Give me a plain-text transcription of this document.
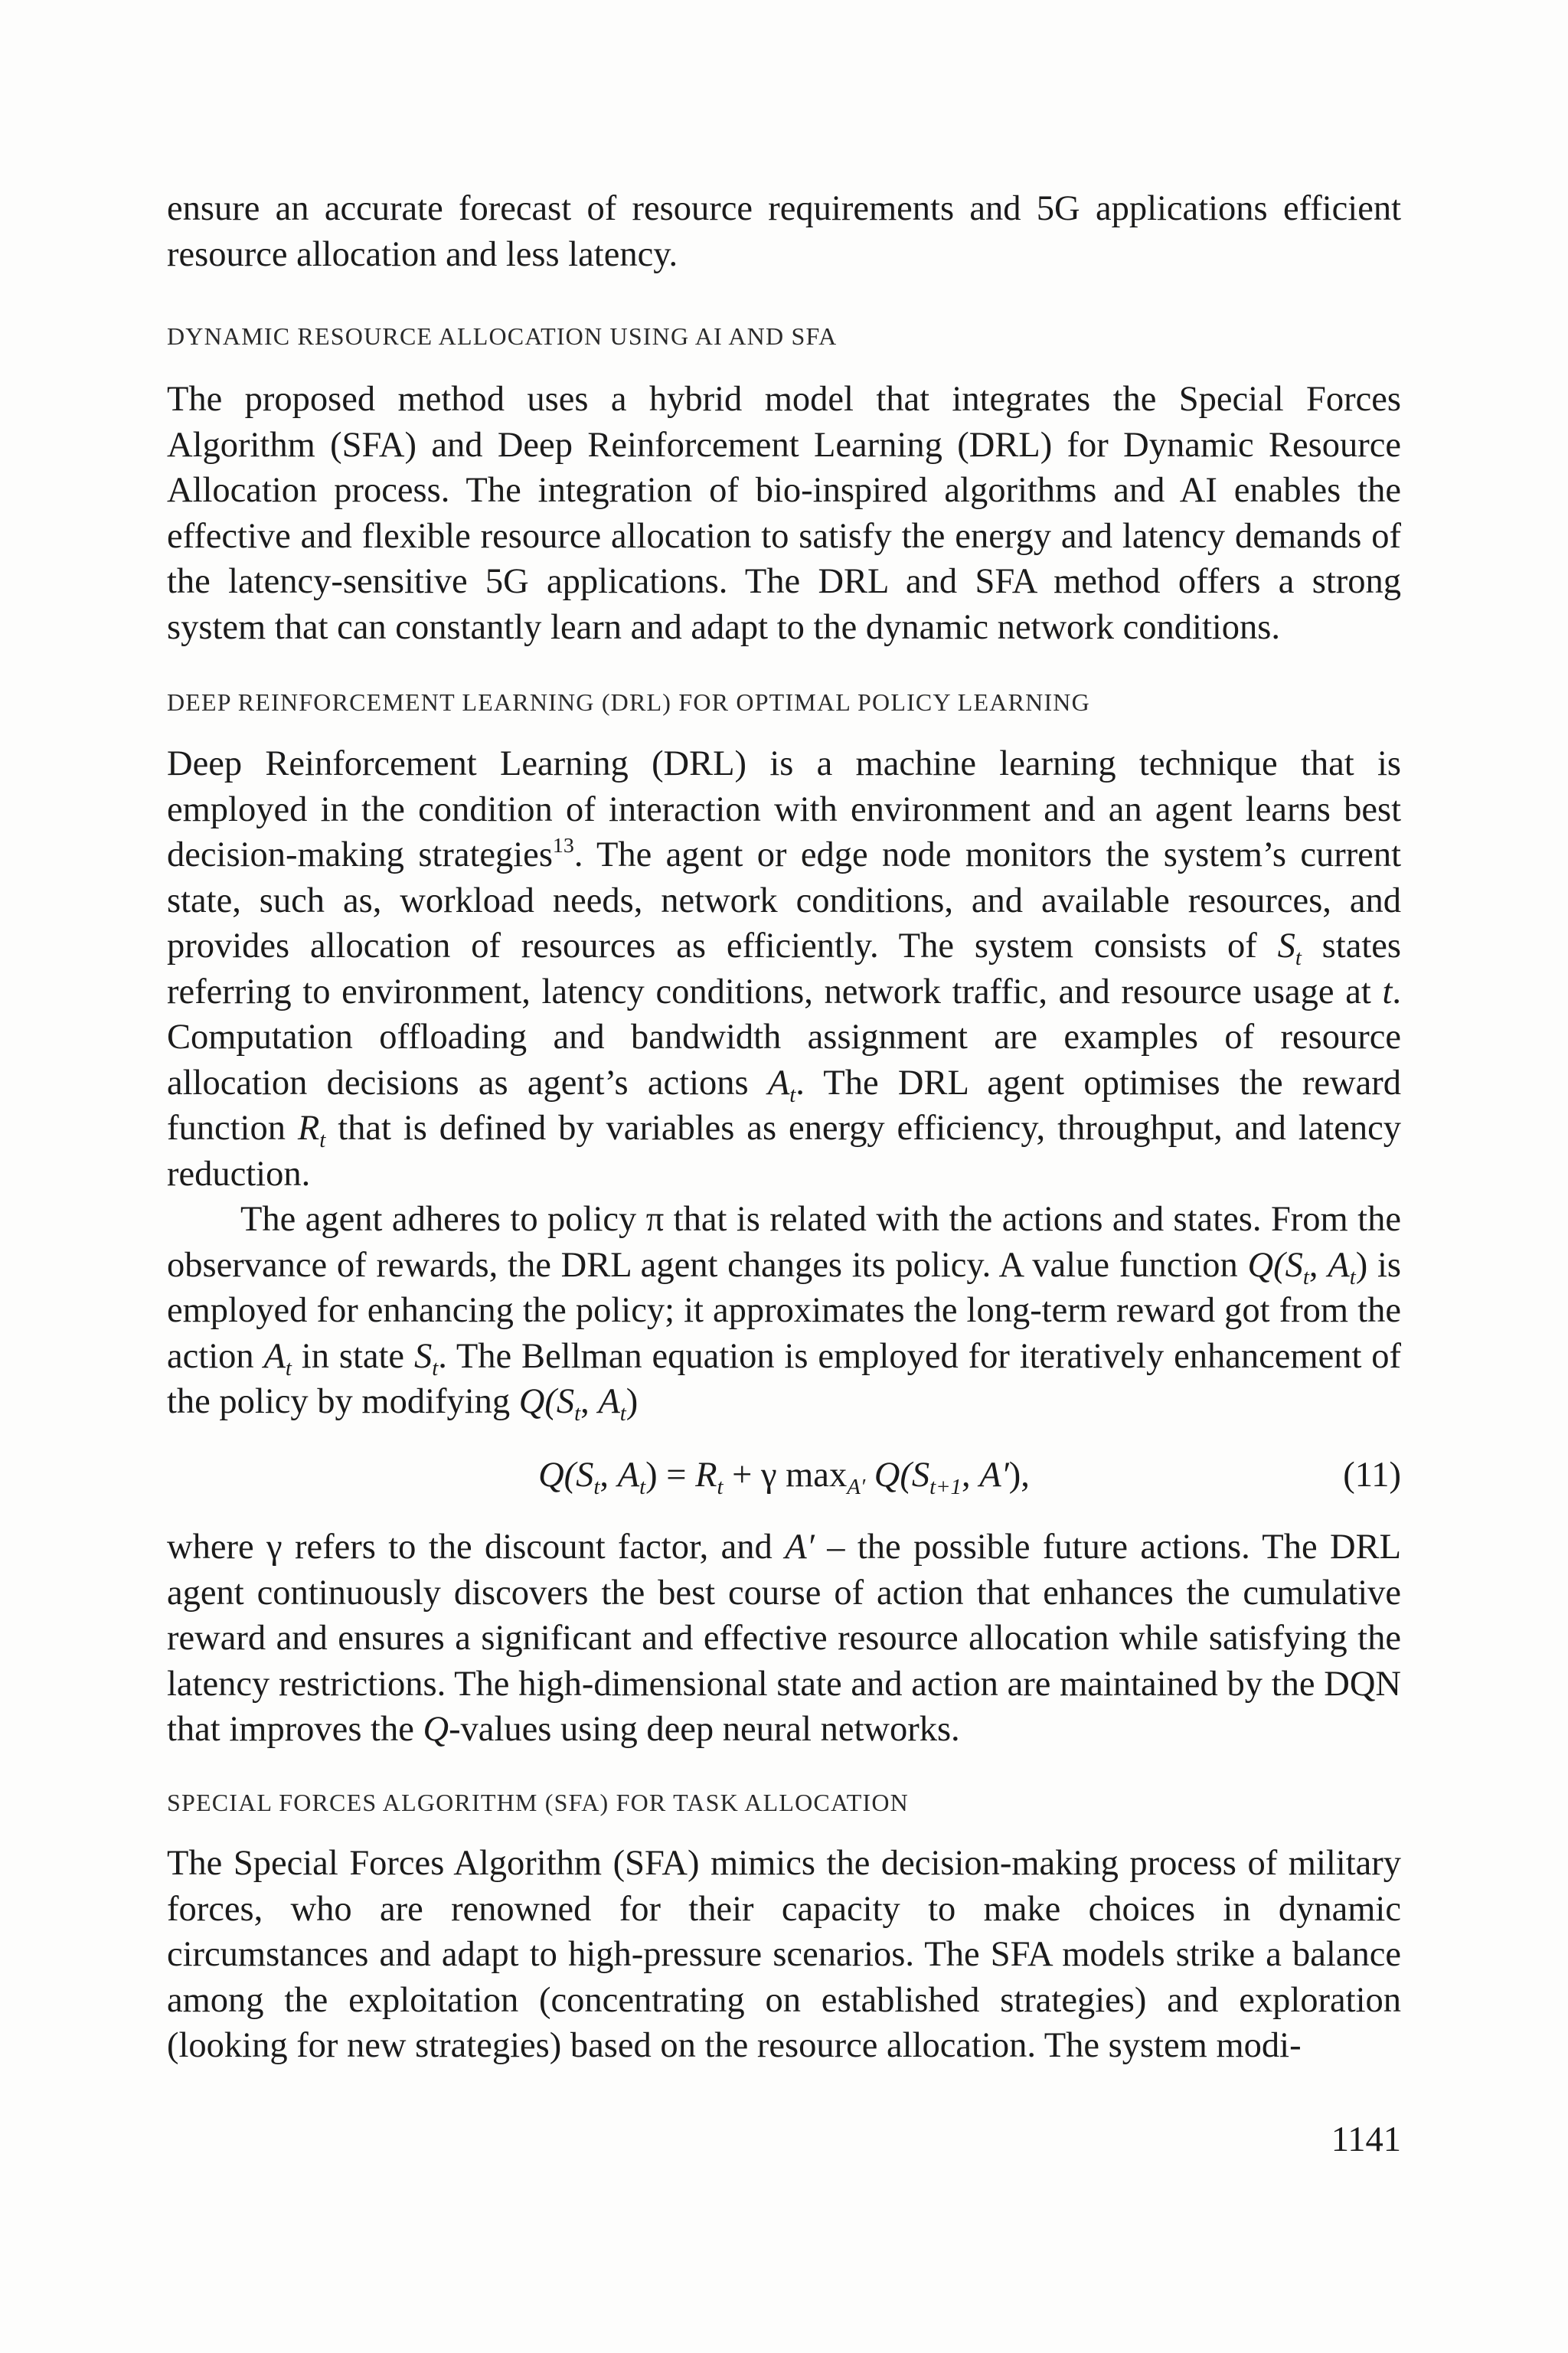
ensure an accurate forecast of resource requirements and 5G applications efficient resource allocation and less latency.

DYNAMIC RESOURCE ALLOCATION USING AI AND SFA

The proposed method uses a hybrid model that integrates the Special Forces Algorithm (SFA) and Deep Reinforcement Learning (DRL) for Dynamic Resource Allocation process. The integration of bio-inspired algorithms and AI enables the effective and flexible resource allocation to satisfy the energy and latency demands of the latency-sensitive 5G applications. The DRL and SFA method offers a strong system that can constantly learn and adapt to the dynamic network conditions.

DEEP REINFORCEMENT LEARNING (DRL) FOR OPTIMAL POLICY LEARNING

Deep Reinforcement Learning (DRL) is a machine learning technique that is employed in the condition of interaction with environment and an agent learns best decision-making strategies$^{13}$. The agent or edge node monitors the system’s current state, such as, workload needs, network conditions, and available resources, and provides allocation of resources as efficiently. The system consists of $S_t$ states referring to environment, latency conditions, network traffic, and resource usage at t. Computation offloading and bandwidth assignment are examples of resource allocation decisions as agent’s actions $A_t$. The DRL agent optimises the reward function $R_t$ that is defined by variables as energy efficiency, throughput, and latency reduction.

The agent adheres to policy π that is related with the actions and states. From the observance of rewards, the DRL agent changes its policy. A value function $Q(S_t$, $A_t$) is employed for enhancing the policy; it approximates the long-term reward got from the action $A_t$ in state $S_t$. The Bellman equation is employed for iteratively enhancement of the policy by modifying $Q(S_t$, $A_t$)

$Q(S_t$, $A_t) = R_t + \gamma$ $\max_{A'} Q(S_{t+1}$, A′),	(11)

where γ refers to the discount factor, and A′ – the possible future actions. The DRL agent continuously discovers the best course of action that enhances the cumulative reward and ensures a significant and effective resource allocation while satisfying the latency restrictions. The high-dimensional state and action are maintained by the DQN that improves the Q-values using deep neural networks.

SPECIAL FORCES ALGORITHM (SFA) FOR TASK ALLOCATION

The Special Forces Algorithm (SFA) mimics the decision-making process of military forces, who are renowned for their capacity to make choices in dynamic circumstances and adapt to high-pressure scenarios. The SFA models strike a balance among the exploitation (concentrating on established strategies) and exploration (looking for new strategies) based on the resource allocation. The system modi-

1141
